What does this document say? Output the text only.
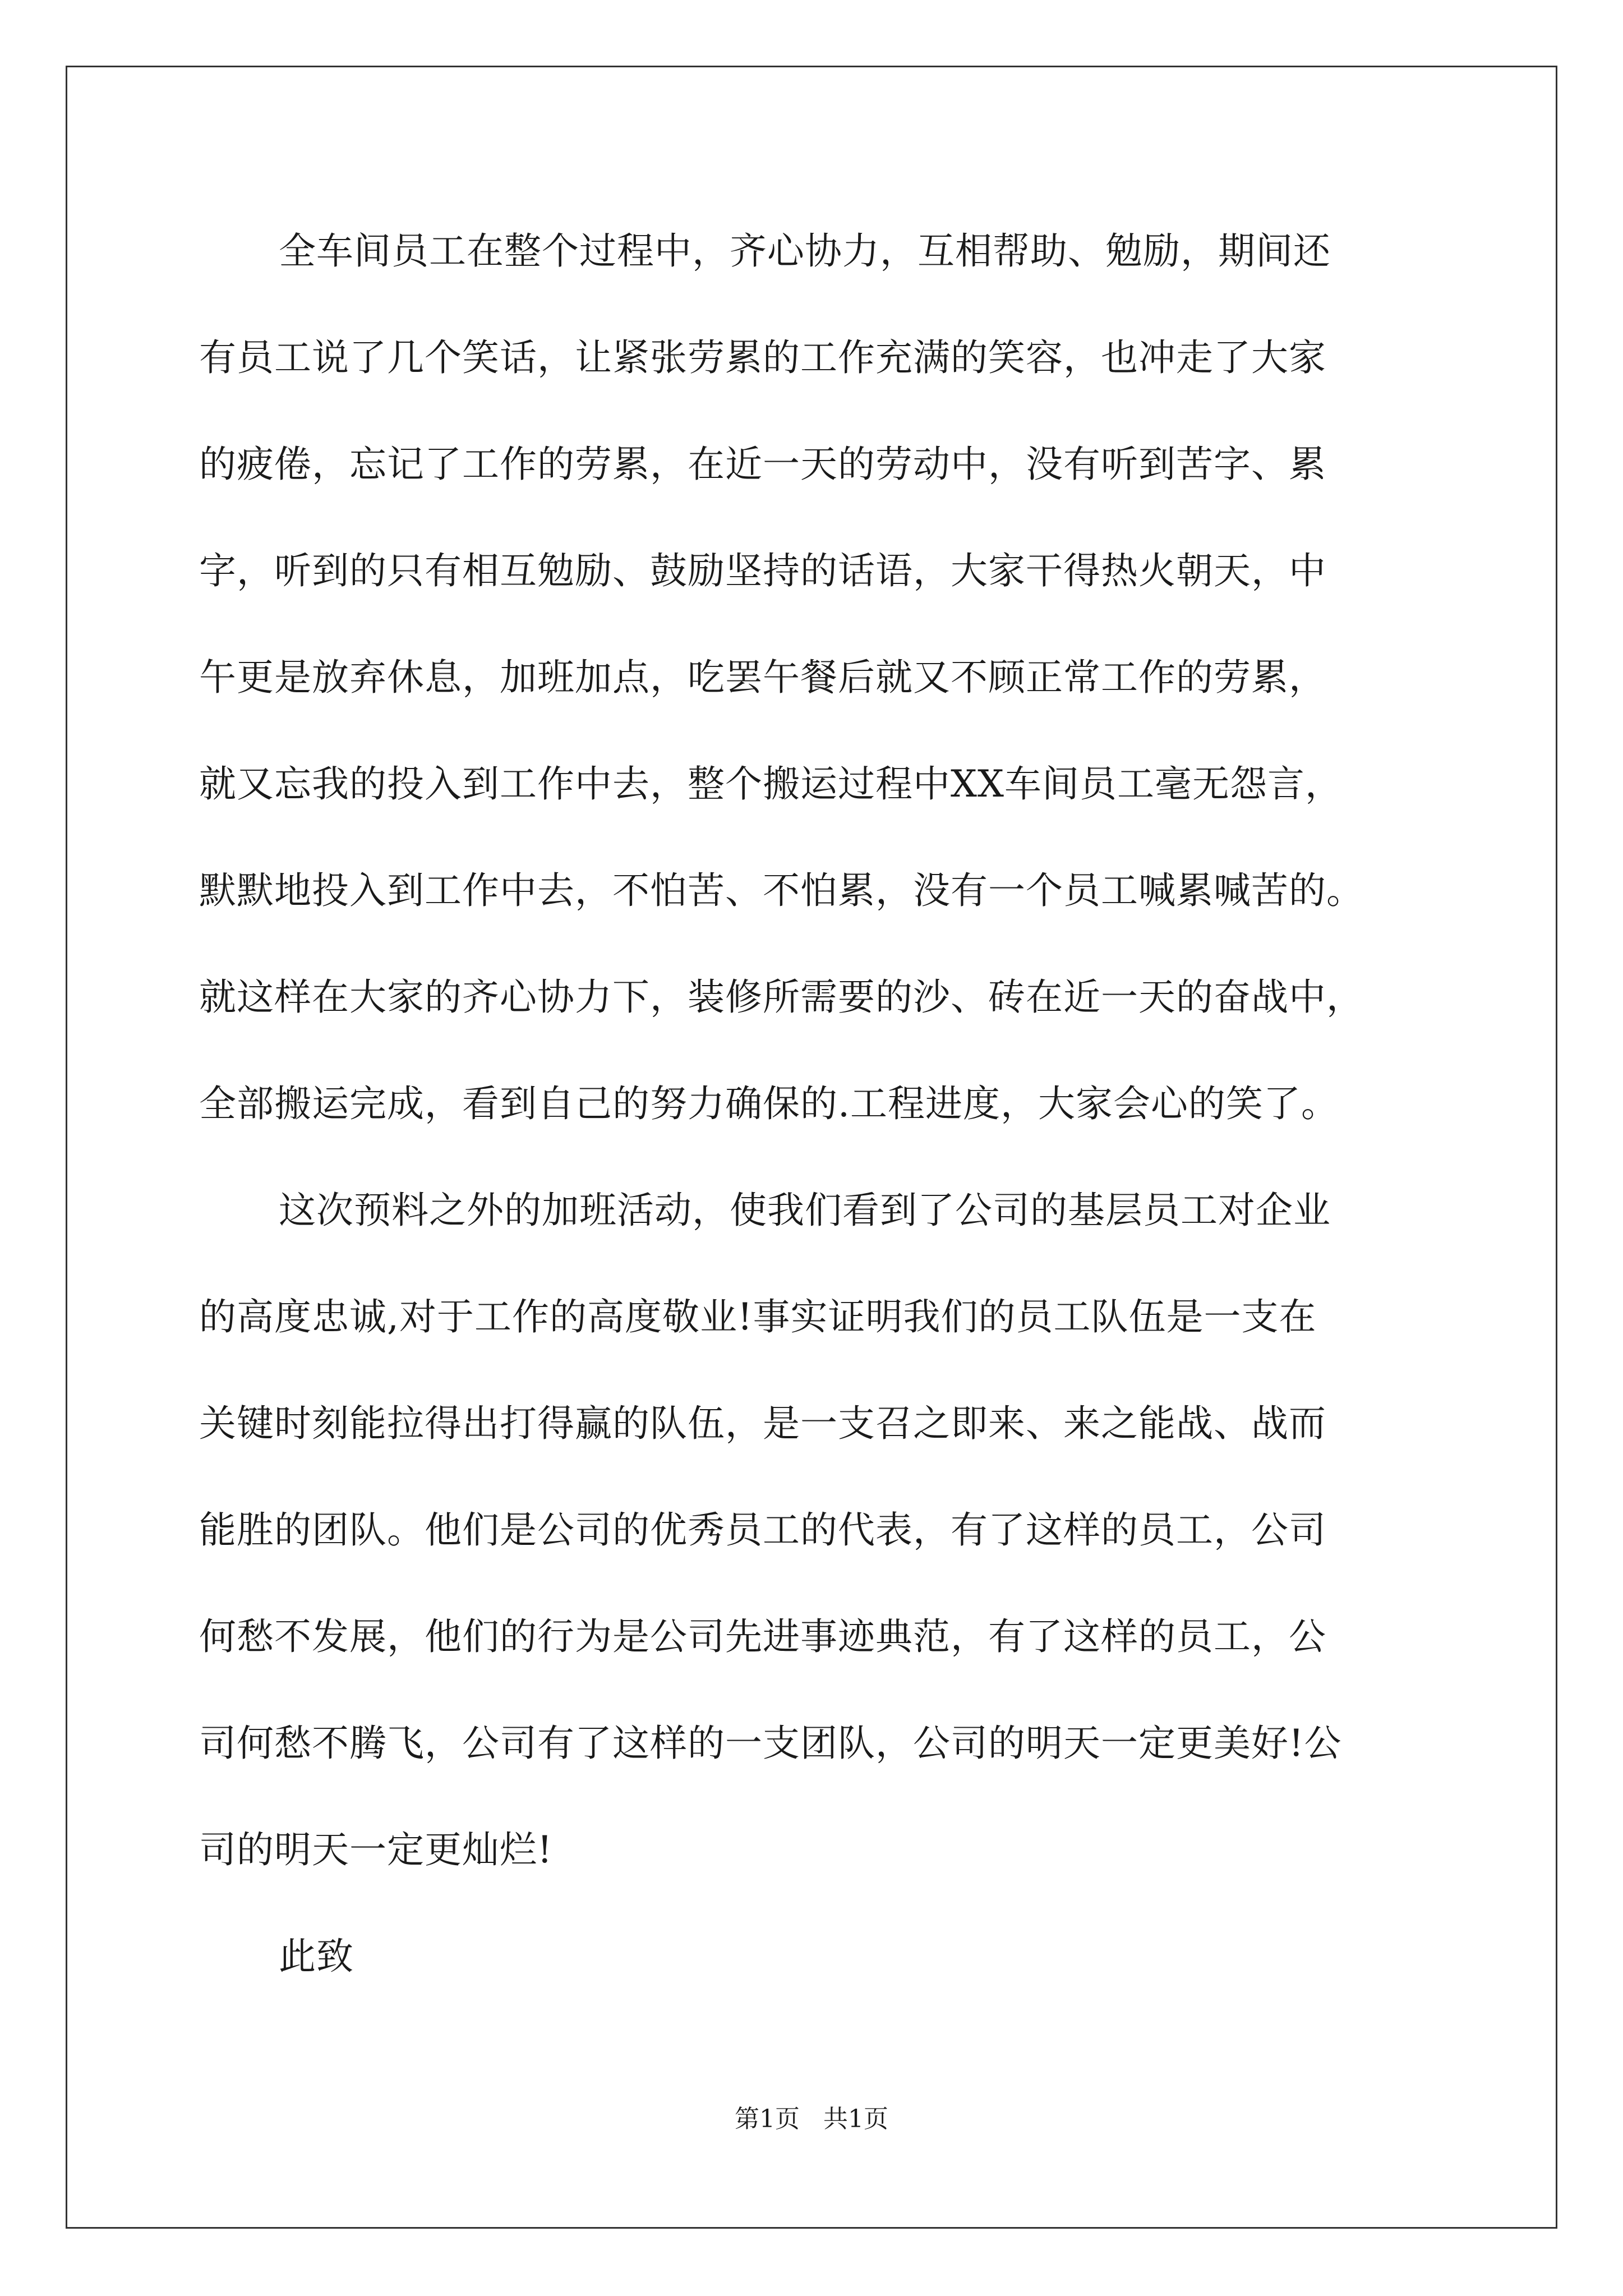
全车间员工在整个过程中，齐心协力，互相帮助、勉励，期间还
有员工说了几个笑话，让紧张劳累的工作充满的笑容，也冲走了大家
的疲倦，忘记了工作的劳累，在近一天的劳动中，没有听到苦字、累
字，听到的只有相互勉励、鼓励坚持的话语，大家干得热火朝天，中
午更是放弃休息，加班加点，吃罢午餐后就又不顾正常工作的劳累，
就又忘我的投入到工作中去，整个搬运过程中XX车间员工毫无怨言，
默默地投入到工作中去，不怕苦、不怕累，没有一个员工喊累喊苦的。
就这样在大家的齐心协力下，装修所需要的沙、砖在近一天的奋战中，
全部搬运完成，看到自己的努力确保的.工程进度，大家会心的笑了。
这次预料之外的加班活动，使我们看到了公司的基层员工对企业
的高度忠诚,对于工作的高度敬业!事实证明我们的员工队伍是一支在
关键时刻能拉得出打得赢的队伍，是一支召之即来、来之能战、战而
能胜的团队。他们是公司的优秀员工的代表，有了这样的员工，公司
何愁不发展，他们的行为是公司先进事迹典范，有了这样的员工，公
司何愁不腾飞，公司有了这样的一支团队，公司的明天一定更美好!公
司的明天一定更灿烂!
此致
第1页   共1页
